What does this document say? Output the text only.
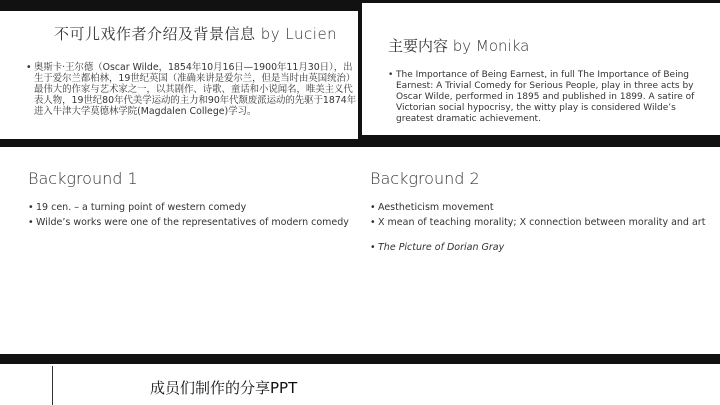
不可儿戏作者介绍及背景信息 by Lucien
• 奥斯卡·王尔德（Oscar Wilde，1854年10月16日—1900年11月30日），出生于爱尔兰都柏林，19世纪英国（准确来讲是爱尔兰，但是当时由英国统治）最伟大的作家与艺术家之一，以其剧作、诗歌、童话和小说闻名，唯美主义代表人物，19世纪80年代美学运动的主力和90年代颓废派运动的先驱于1874年进入牛津大学莫德林学院(Magdalen College)学习。
主要内容 by Monika
• The Importance of Being Earnest, in full The Importance of Being Earnest: A Trivial Comedy for Serious People, play in three acts by Oscar Wilde, performed in 1895 and published in 1899. A satire of Victorian social hypocrisy, the witty play is considered Wilde’s greatest dramatic achievement.
Background 1
• 19 cen. – a turning point of western comedy
• Wilde’s works were one of the representatives of modern comedy
Background 2
• Aestheticism movement
• X mean of teaching morality; X connection between morality and art
• The Picture of Dorian Gray
成员们制作的分享PPT
